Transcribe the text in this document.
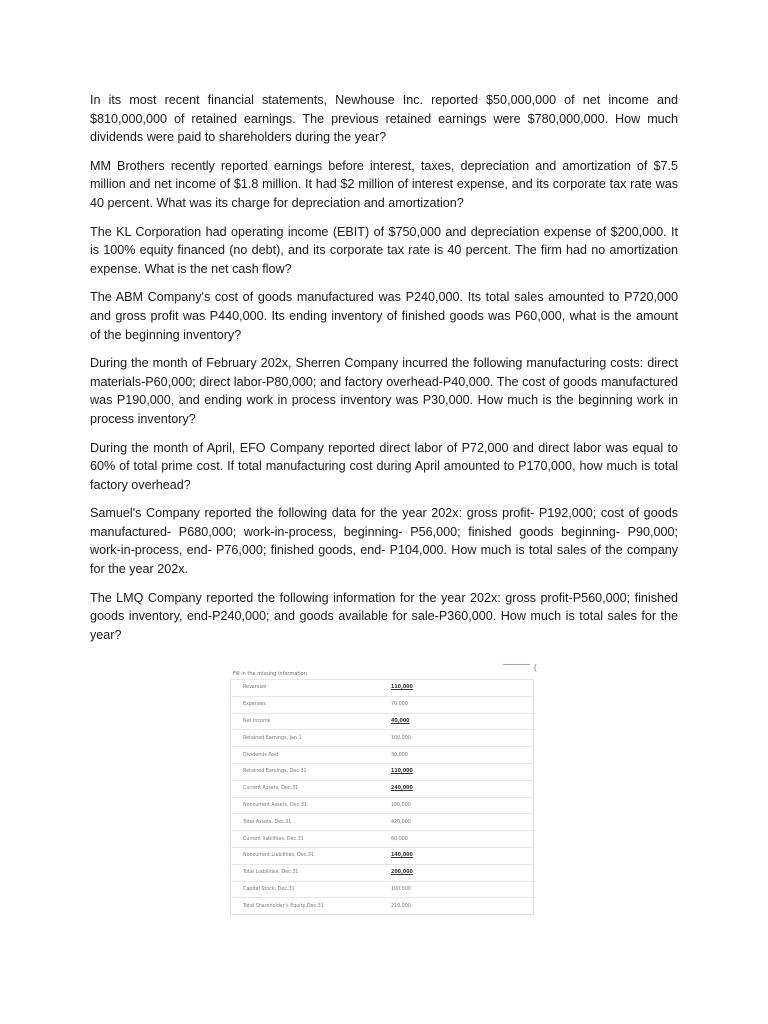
In its most recent financial statements, Newhouse Inc. reported $50,000,000 of net income and $810,000,000 of retained earnings. The previous retained earnings were $780,000,000. How much dividends were paid to shareholders during the year?

MM Brothers recently reported earnings before interest, taxes, depreciation and amortization of $7.5 million and net income of $1.8 million. It had $2 million of interest expense, and its corporate tax rate was 40 percent. What was its charge for depreciation and amortization?

The KL Corporation had operating income (EBIT) of $750,000 and depreciation expense of $200,000. It is 100% equity financed (no debt), and its corporate tax rate is 40 percent. The firm had no amortization expense. What is the net cash flow?

The ABM Company's cost of goods manufactured was P240,000. Its total sales amounted to P720,000 and gross profit was P440,000. Its ending inventory of finished goods was P60,000, what is the amount of the beginning inventory?

During the month of February 202x, Sherren Company incurred the following manufacturing costs: direct materials-P60,000; direct labor-P80,000; and factory overhead-P40,000. The cost of goods manufactured was P190,000, and ending work in process inventory was P30,000. How much is the beginning work in process inventory?

During the month of April, EFO Company reported direct labor of P72,000 and direct labor was equal to 60% of total prime cost. If total manufacturing cost during April amounted to P170,000, how much is total factory overhead?

Samuel's Company reported the following data for the year 202x: gross profit- P192,000; cost of goods manufactured- P680,000; work-in-process, beginning- P56,000; finished goods beginning- P90,000; work-in-process, end- P76,000; finished goods, end- P104,000. How much is total sales of the company for the year 202x.

The LMQ Company reported the following information for the year 202x: gross profit-P560,000; finished goods inventory, end-P240,000; and goods available for sale-P360,000. How much is total sales for the year?

(
Fill in the missing information
Revenues	110,000
Expenses	70,000
Net Income	40,000
Retained Earnings, Jan.1	100,000
Dividends Paid	30,000
Retained Earnings, Dec.31	110,000
Current Assets, Dec.31	240,000
Noncurrent Assets, Dec.31	180,000
Total Assets, Dec.31	420,000
Current liabilities, Dec.31	60,000
Noncurrent Liabilities, Dec.31	140,000
Total Liabilities, Dec.31	200,000
Capital Stock, Dec.31	100,000
Total Shareholder's Equity,Dec.31	210,000
